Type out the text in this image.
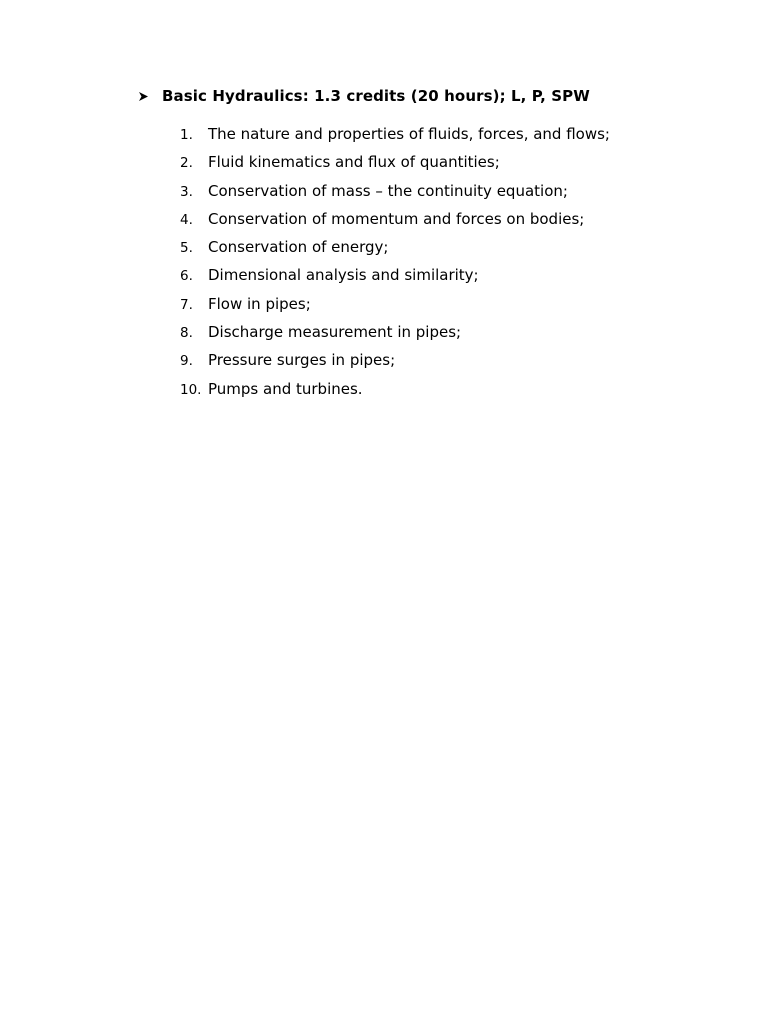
Basic Hydraulics: 1.3 credits (20 hours); L, P, SPW
1.	The nature and properties of fluids, forces, and flows;
2.	Fluid kinematics and flux of quantities;
3.	Conservation of mass – the continuity equation;
4.	Conservation of momentum and forces on bodies;
5.	Conservation of energy;
6.	Dimensional analysis and similarity;
7.	Flow in pipes;
8.	Discharge measurement in pipes;
9.	Pressure surges in pipes;
10. Pumps and turbines.
